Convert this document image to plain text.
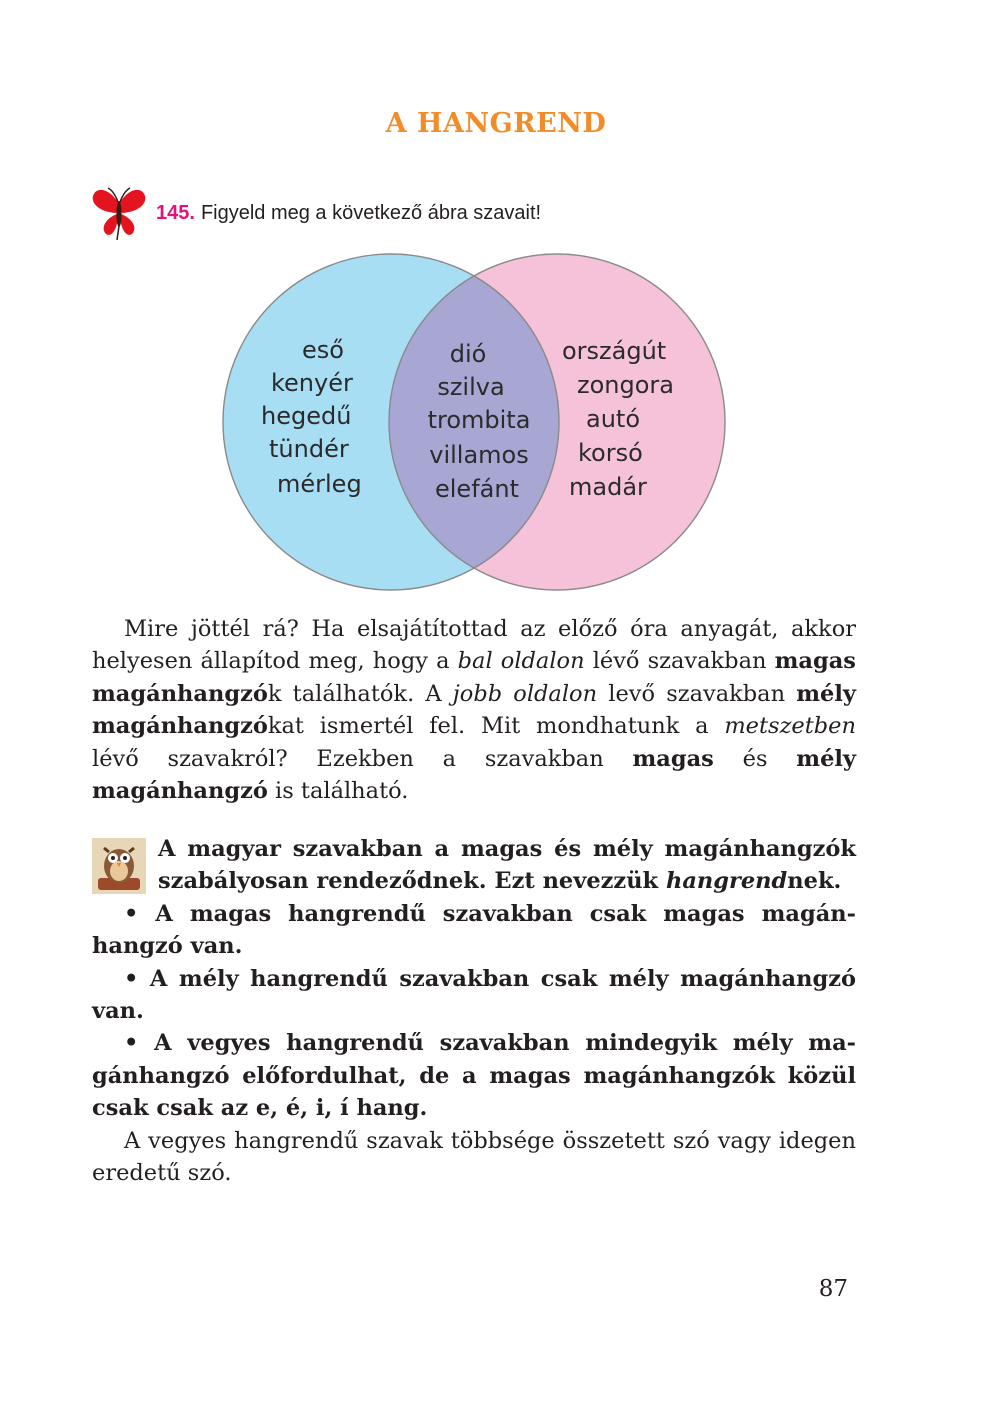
A HANGREND
145. Figyeld meg a következő ábra szavait!
eső
kenyér
hegedű
tündér
mérleg
dió
szilva
trombita
villamos
elefánt
országút
zongora
autó
korsó
madár

Mire jöttél rá? Ha elsajátítottad az előző óra anyagát, akkor helyesen állapítod meg, hogy a bal oldalon lévő szavakban magas magánhangzók találhatók. A jobb oldalon levő szavakban mély magánhangzókat ismertél fel. Mit mondhatunk a metszetben lévő szavakról? Ezekben a szavakban magas és mély magánhangzó is található.

A magyar szavakban a magas és mély magánhangzók szabályosan rendeződnek. Ezt nevezzük hangrendnek.

• A magas hangrendű szavakban csak magas magánhangzó van.

• A mély hangrendű szavakban csak mély magánhangzó van.

• A vegyes hangrendű szavakban mindegyik mély magánhangzó előfordulhat, de a magas magánhangzók közül csak csak az e, é, i, í hang.

A vegyes hangrendű szavak többsége összetett szó vagy idegen eredetű szó.

87
